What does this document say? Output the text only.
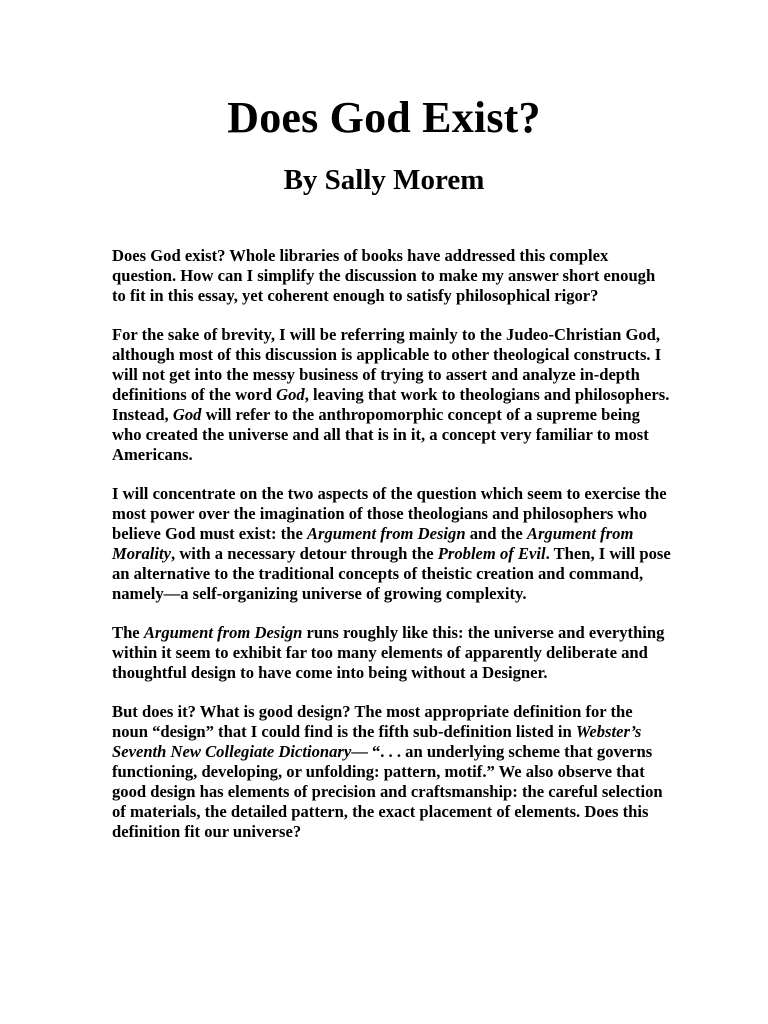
Does God Exist?
By Sally Morem

Does God exist? Whole libraries of books have addressed this complex question. How can I simplify the discussion to make my answer short enough to fit in this essay, yet coherent enough to satisfy philosophical rigor?

For the sake of brevity, I will be referring mainly to the Judeo-Christian God, although most of this discussion is applicable to other theological constructs. I will not get into the messy business of trying to assert and analyze in-depth definitions of the word God, leaving that work to theologians and philosophers. Instead, God will refer to the anthropomorphic concept of a supreme being who created the universe and all that is in it, a concept very familiar to most Americans.

I will concentrate on the two aspects of the question which seem to exercise the most power over the imagination of those theologians and philosophers who believe God must exist: the Argument from Design and the Argument from Morality, with a necessary detour through the Problem of Evil. Then, I will pose an alternative to the traditional concepts of theistic creation and command, namely—a self-organizing universe of growing complexity.

The Argument from Design runs roughly like this: the universe and everything within it seem to exhibit far too many elements of apparently deliberate and thoughtful design to have come into being without a Designer.

But does it? What is good design? The most appropriate definition for the noun “design” that I could find is the fifth sub-definition listed in Webster’s Seventh New Collegiate Dictionary— “. . . an underlying scheme that governs functioning, developing, or unfolding: pattern, motif.” We also observe that good design has elements of precision and craftsmanship: the careful selection of materials, the detailed pattern, the exact placement of elements. Does this definition fit our universe?
